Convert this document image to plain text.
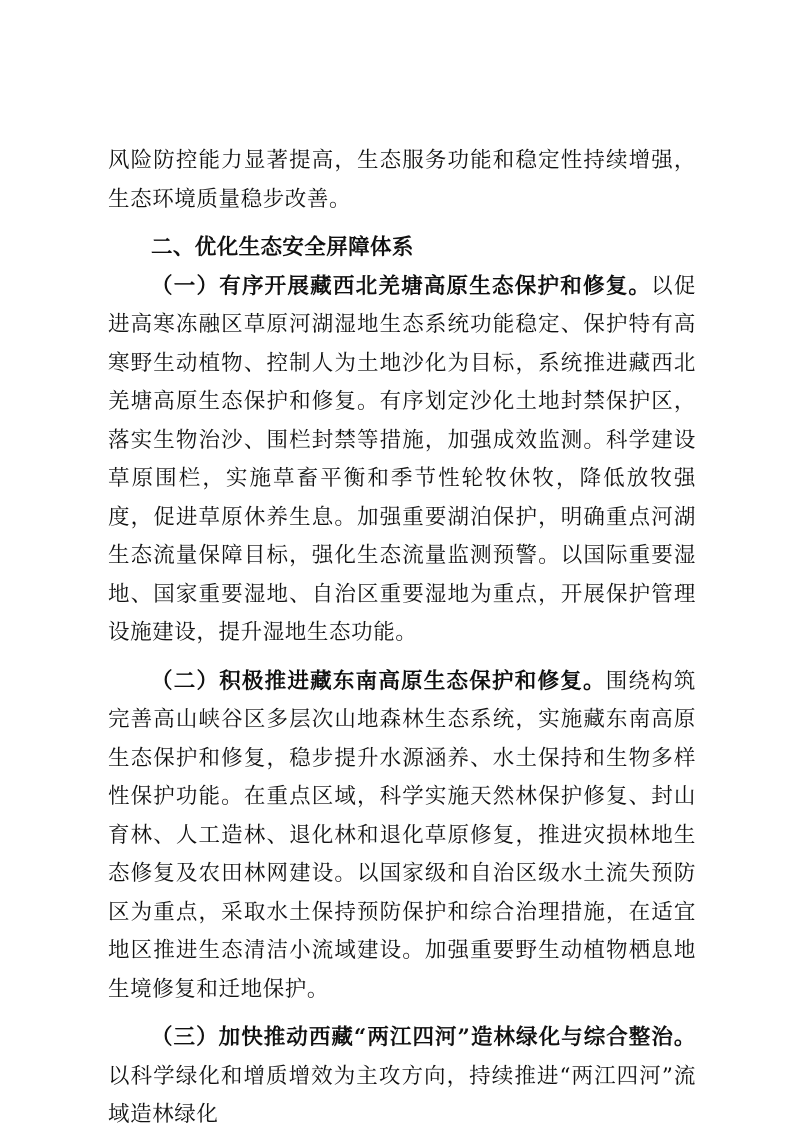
风险防控能力显著提高，生态服务功能和稳定性持续增强，生态环境质量稳步改善。

二、优化生态安全屏障体系

（一）有序开展藏西北羌塘高原生态保护和修复。以促进高寒冻融区草原河湖湿地生态系统功能稳定、保护特有高寒野生动植物、控制人为土地沙化为目标，系统推进藏西北羌塘高原生态保护和修复。有序划定沙化土地封禁保护区，落实生物治沙、围栏封禁等措施，加强成效监测。科学建设草原围栏，实施草畜平衡和季节性轮牧休牧，降低放牧强度，促进草原休养生息。加强重要湖泊保护，明确重点河湖生态流量保障目标，强化生态流量监测预警。以国际重要湿地、国家重要湿地、自治区重要湿地为重点，开展保护管理设施建设，提升湿地生态功能。

（二）积极推进藏东南高原生态保护和修复。围绕构筑完善高山峡谷区多层次山地森林生态系统，实施藏东南高原生态保护和修复，稳步提升水源涵养、水土保持和生物多样性保护功能。在重点区域，科学实施天然林保护修复、封山育林、人工造林、退化林和退化草原修复，推进灾损林地生态修复及农田林网建设。以国家级和自治区级水土流失预防区为重点，采取水土保持预防保护和综合治理措施，在适宜地区推进生态清洁小流域建设。加强重要野生动植物栖息地生境修复和迁地保护。

（三）加快推动西藏“两江四河”造林绿化与综合整治。以科学绿化和增质增效为主攻方向，持续推进“两江四河”流域造林绿化
